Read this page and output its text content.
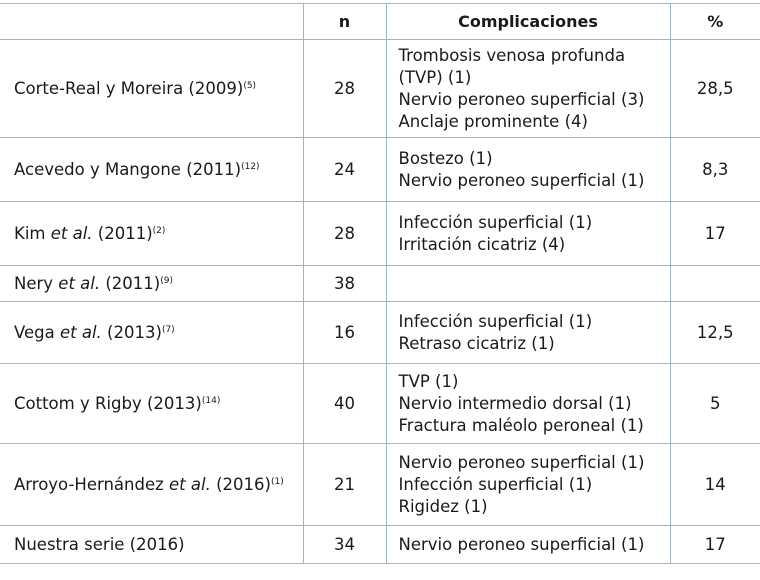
	n	Complicaciones	%
Corte-Real y Moreira $(2009)^{(5)}$	28	Trombosis venosa profunda
(TVP) (1)
Nervio peroneo superficial (3)
Anclaje prominente (4)	28,5
Acevedo y Mangone $(2011)^{(12)}$	24	Bostezo (1)
Nervio peroneo superficial (1)	8,3
Kim et al. $(2011)^{(2)}$	28	Infección superficial (1)
Irritación cicatriz (4)	17
Nery et al. $(2011)^{(9)}$	38		
Vega et al. $(2013)^{(7)}$	16	Infección superficial (1)
Retraso cicatriz (1)	12,5
Cottom y Rigby $(2013)^{(14)}$	40	TVP (1)
Nervio intermedio dorsal (1)
Fractura maléolo peroneal (1)	5
Arroyo-Hernández et al. $(2016)^{(1)}$	21	Nervio peroneo superficial (1)
Infección superficial (1)
Rigidez (1)	14
Nuestra serie (2016)	34	Nervio peroneo superficial (1)	17
